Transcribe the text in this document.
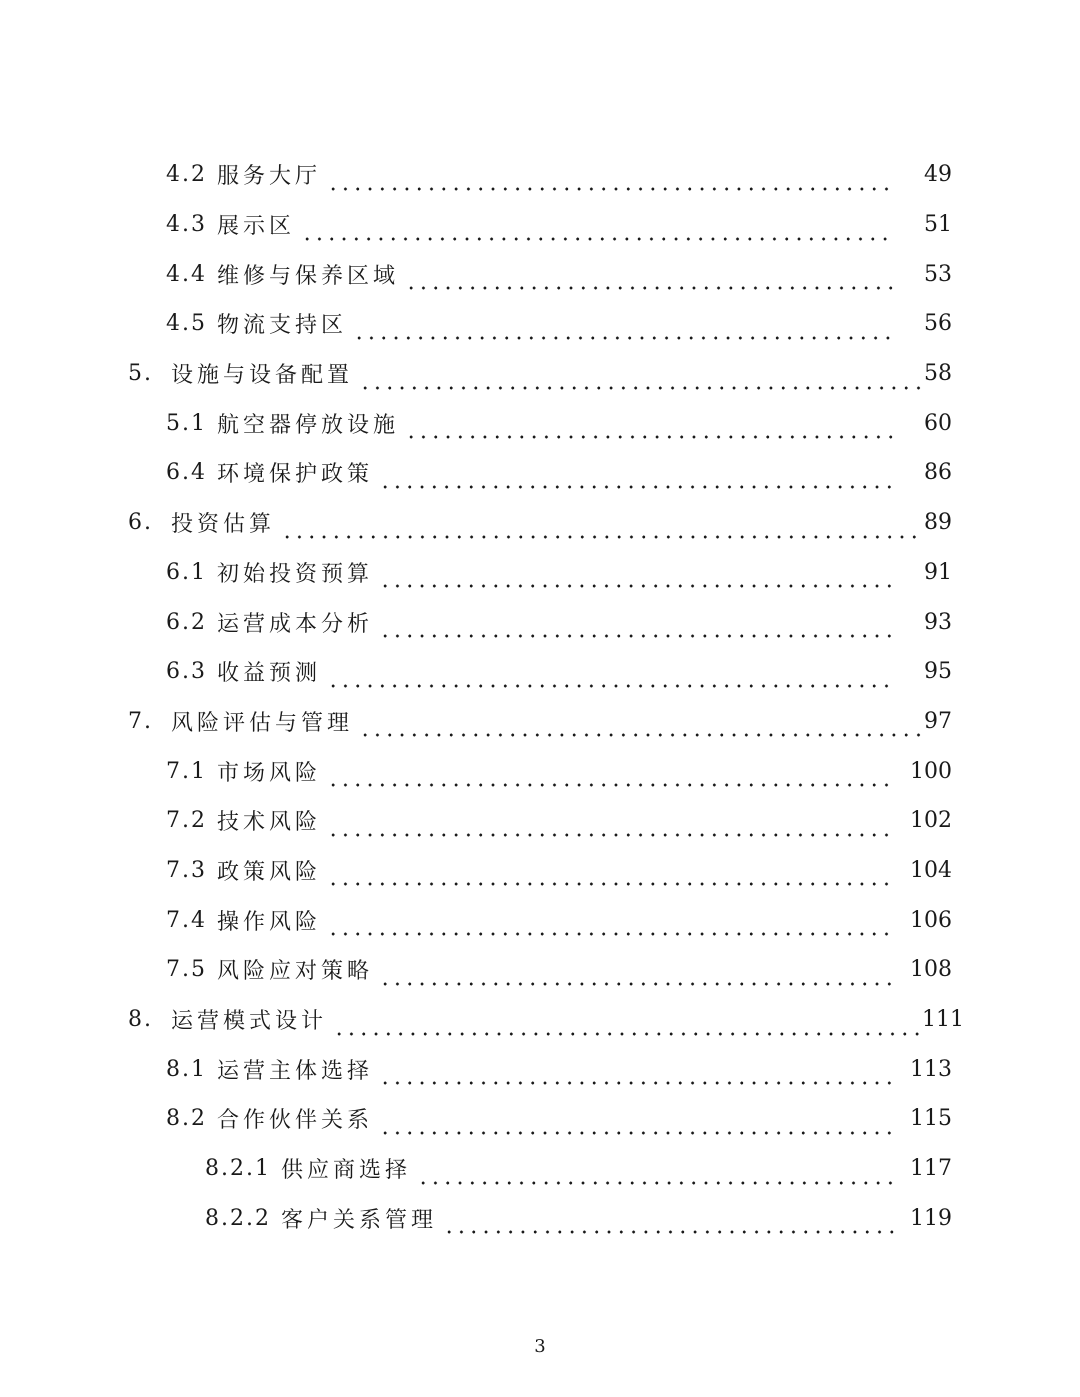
4.2 服务大厅	49
4.3 展示区	51
4.4 维修与保养区域	53
4.5 物流支持区	56
5. 设施与设备配置	58
5.1 航空器停放设施	60
6.4 环境保护政策	86
6. 投资估算	89
6.1 初始投资预算	91
6.2 运营成本分析	93
6.3 收益预测	95
7. 风险评估与管理	97
7.1 市场风险	100
7.2 技术风险	102
7.3 政策风险	104
7.4 操作风险	106
7.5 风险应对策略	108
8. 运营模式设计	111
8.1 运营主体选择	113
8.2 合作伙伴关系	115
8.2.1 供应商选择	117
8.2.2 客户关系管理	119
3
